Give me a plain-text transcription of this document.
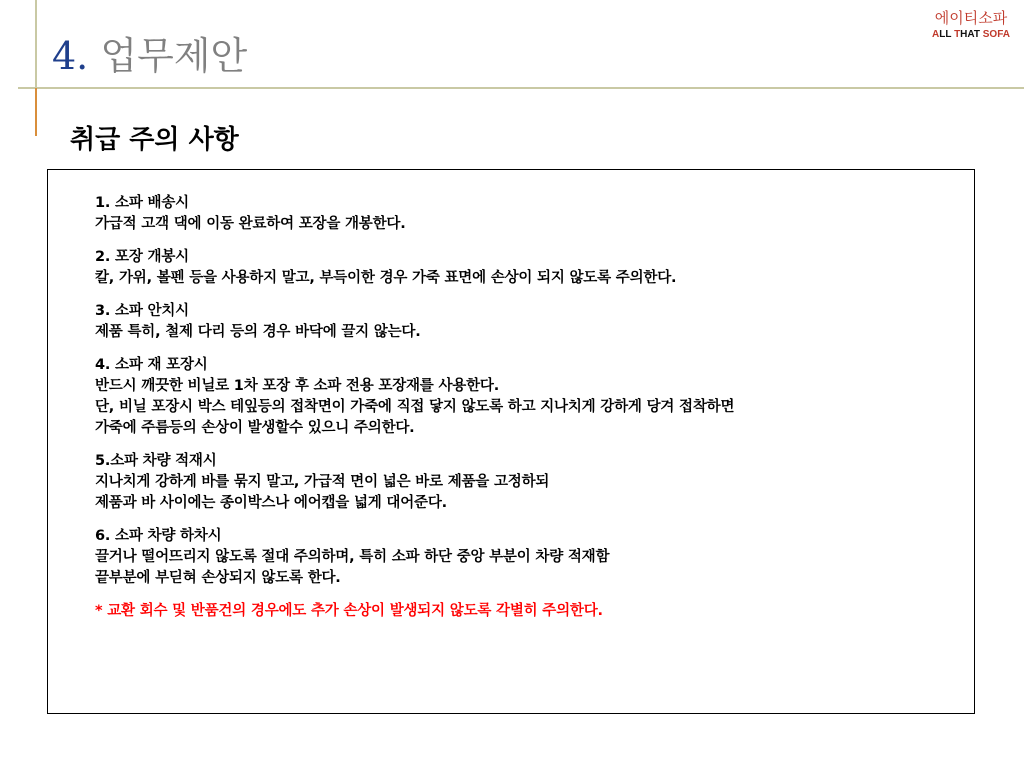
4. 업무제안
에이티소파
ALL THAT SOFA
취급 주의 사항
1. 소파 배송시
가급적 고객 댁에 이동 완료하여 포장을 개봉한다.
2. 포장 개봉시
칼, 가위, 볼펜 등을 사용하지 말고, 부득이한 경우 가죽 표면에 손상이 되지 않도록 주의한다.
3. 소파 안치시
제품 특히, 철제 다리 등의 경우 바닥에 끌지 않는다.
4. 소파 재 포장시
반드시 깨끗한 비닐로 1차 포장 후 소파 전용 포장재를 사용한다.
단, 비닐 포장시 박스 테잎등의 접착면이 가죽에 직접 닿지 않도록 하고 지나치게 강하게 당겨 접착하면
가죽에 주름등의 손상이 발생할수 있으니 주의한다.
5.소파 차량 적재시
지나치게 강하게 바를 묶지 말고, 가급적 면이 넓은 바로 제품을 고정하되
제품과 바 사이에는 종이박스나 에어캡을 넓게 대어준다.
6. 소파 차량 하차시
끌거나 떨어뜨리지 않도록 절대 주의하며, 특히 소파 하단 중앙 부분이 차량 적재함
끝부분에 부딛혀 손상되지 않도록 한다.
* 교환 회수 및 반품건의 경우에도 추가 손상이 발생되지 않도록 각별히 주의한다.
